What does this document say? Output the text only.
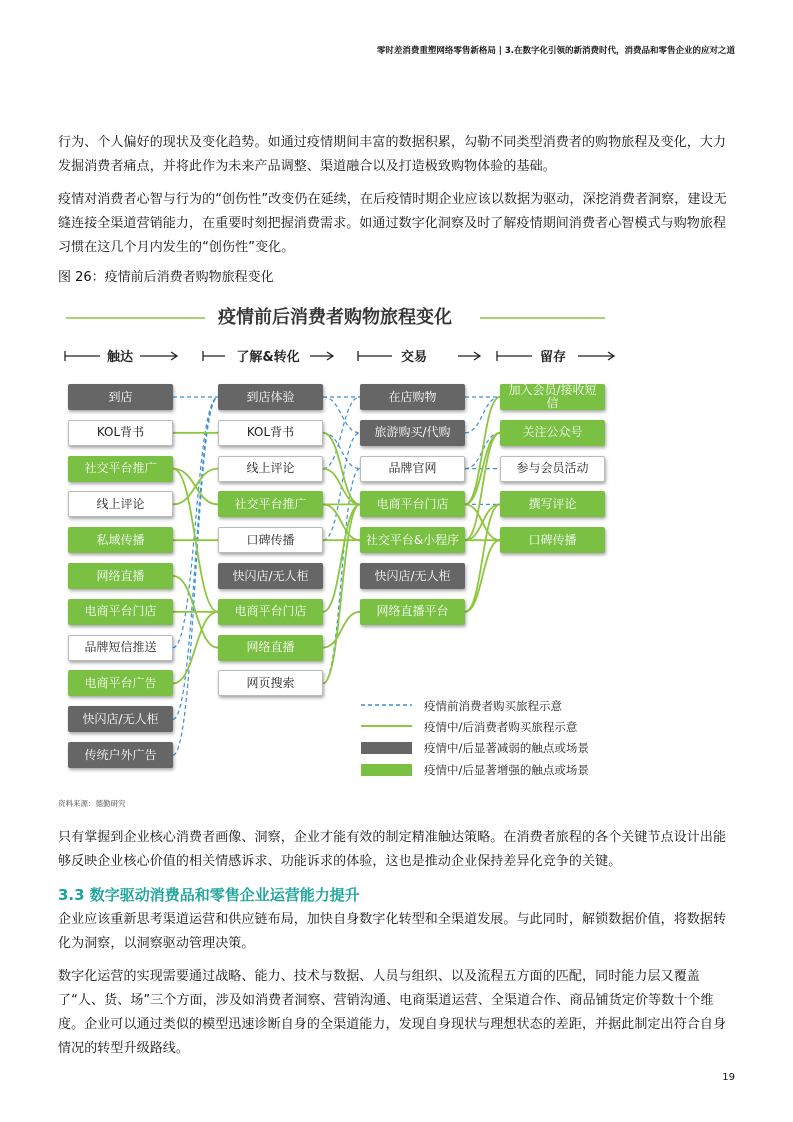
零时差消费重塑网络零售新格局 | 3.在数字化引领的新消费时代，消费品和零售企业的应对之道

行为、个人偏好的现状及变化趋势。如通过疫情期间丰富的数据积累，勾勒不同类型消费者的购物旅程及变化，大力发掘消费者痛点，并将此作为未来产品调整、渠道融合以及打造极致购物体验的基础。

疫情对消费者心智与行为的“创伤性”改变仍在延续，在后疫情时期企业应该以数据为驱动，深挖消费者洞察，建设无缝连接全渠道营销能力，在重要时刻把握消费需求。如通过数字化洞察及时了解疫情期间消费者心智模式与购物旅程习惯在这几个月内发生的“创伤性”变化。

图 26：疫情前后消费者购物旅程变化
疫情前后消费者购物旅程变化
触达	了解&转化	交易	留存
到店
KOL背书
社交平台推广
线上评论
私域传播
网络直播
电商平台门店
品牌短信推送
电商平台广告
快闪店/无人柜
传统户外广告
到店体验
KOL背书
线上评论
社交平台推广
口碑传播
快闪店/无人柜
电商平台门店
网络直播
网页搜索
在店购物
旅游购买/代购
品牌官网
电商平台门店
社交平台&小程序
快闪店/无人柜
网络直播平台
加入会员/接收短信
关注公众号
参与会员活动
撰写评论
口碑传播
疫情前消费者购买旅程示意
疫情中/后消费者购买旅程示意
疫情中/后显著减弱的触点或场景
疫情中/后显著增强的触点或场景
资料来源：德勤研究

只有掌握到企业核心消费者画像、洞察，企业才能有效的制定精准触达策略。在消费者旅程的各个关键节点设计出能够反映企业核心价值的相关情感诉求、功能诉求的体验，这也是推动企业保持差异化竞争的关键。

3.3 数字驱动消费品和零售企业运营能力提升

企业应该重新思考渠道运营和供应链布局，加快自身数字化转型和全渠道发展。与此同时，解锁数据价值，将数据转化为洞察，以洞察驱动管理决策。

数字化运营的实现需要通过战略、能力、技术与数据、人员与组织、以及流程五方面的匹配，同时能力层又覆盖了“人、货、场”三个方面，涉及如消费者洞察、营销沟通、电商渠道运营、全渠道合作、商品铺货定价等数十个维度。企业可以通过类似的模型迅速诊断自身的全渠道能力，发现自身现状与理想状态的差距，并据此制定出符合自身情况的转型升级路线。

19
